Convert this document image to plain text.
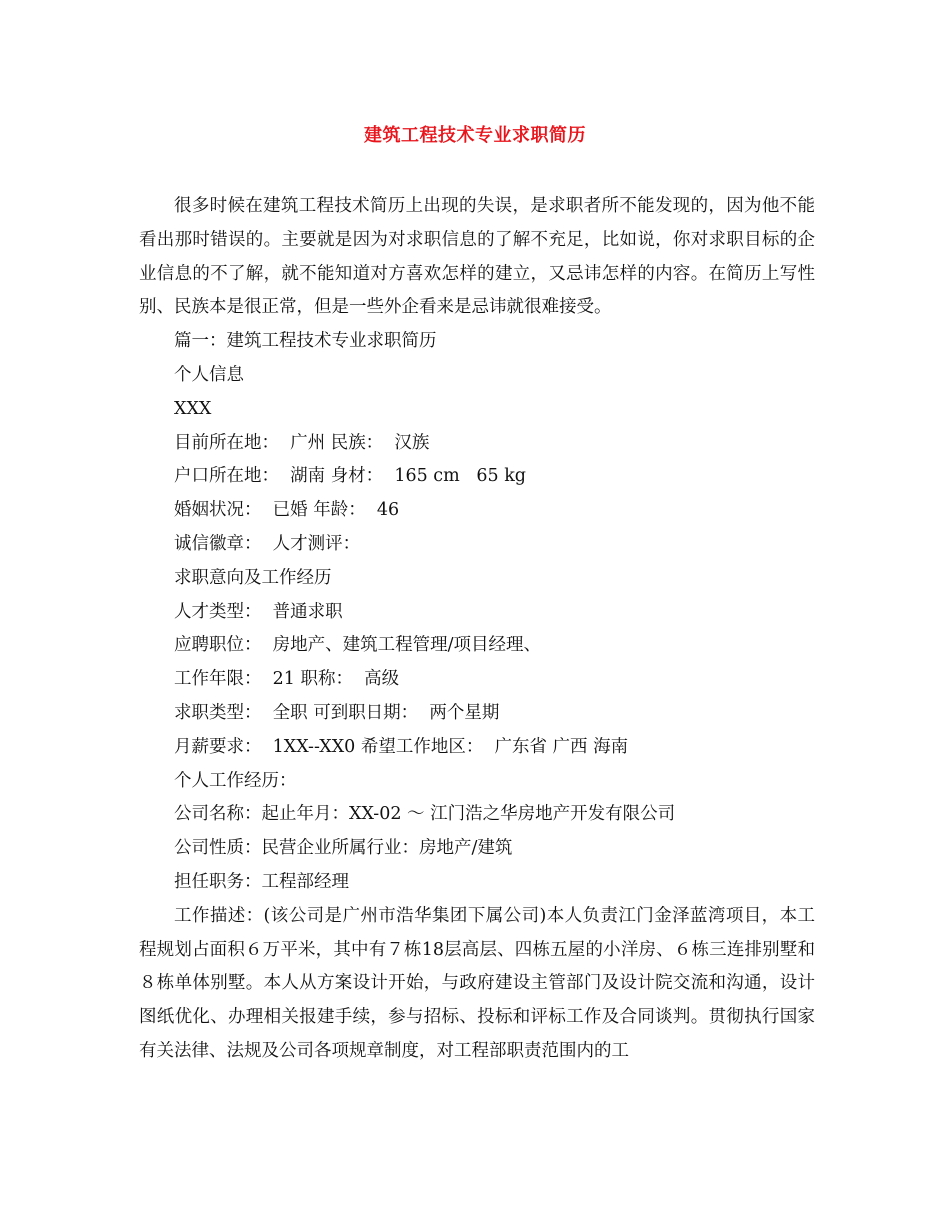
建筑工程技术专业求职简历

很多时候在建筑工程技术简历上出现的失误，是求职者所不能发现的，因为他不能看出那时错误的。主要就是因为对求职信息的了解不充足，比如说，你对求职目标的企业信息的不了解，就不能知道对方喜欢怎样的建立，又忌讳怎样的内容。在简历上写性别、民族本是很正常，但是一些外企看来是忌讳就很难接受。

篇一：建筑工程技术专业求职简历
个人信息
XXX
目前所在地：  广州 民族：  汉族
户口所在地：  湖南 身材：  165 cm   65 kg
婚姻状况：  已婚 年龄：  46
诚信徽章：  人才测评：
求职意向及工作经历
人才类型：  普通求职
应聘职位：  房地产、建筑工程管理/项目经理、
工作年限：  21 职称：  高级
求职类型：  全职 可到职日期：  两个星期
月薪要求：  1XX--XX0 希望工作地区：  广东省 广西 海南
个人工作经历：
公司名称：起止年月：XX-02 ～ 江门浩之华房地产开发有限公司
公司性质：民营企业所属行业：房地产/建筑
担任职务：工程部经理

工作描述：(该公司是广州市浩华集团下属公司)本人负责江门金泽蓝湾项目，本工程规划占面积６万平米，其中有７栋18层高层、四栋五屋的小洋房、６栋三连排别墅和８栋单体别墅。本人从方案设计开始，与政府建设主管部门及设计院交流和沟通，设计图纸优化、办理相关报建手续，参与招标、投标和评标工作及合同谈判。贯彻执行国家有关法律、法规及公司各项规章制度，对工程部职责范围内的工
